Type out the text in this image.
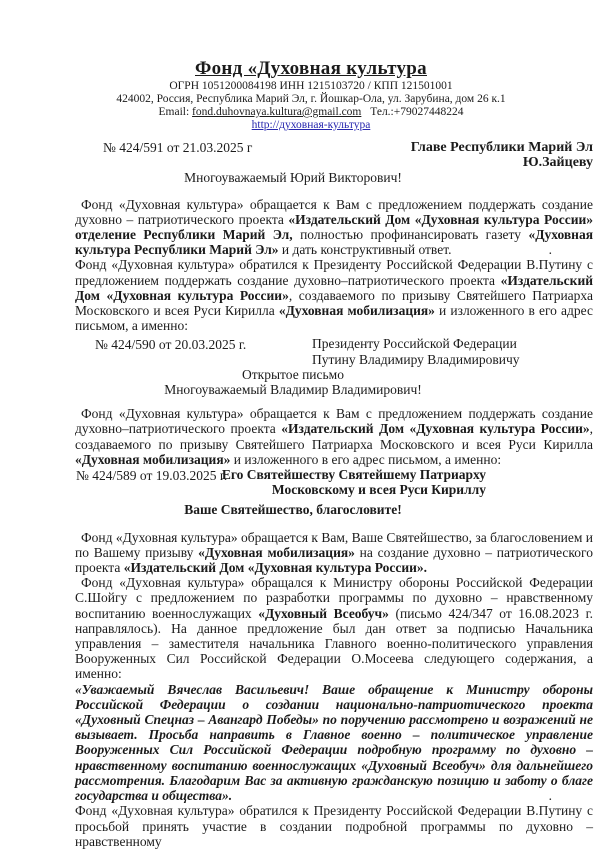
Фонд «Духовная культура
ОГРН 1051200084198 ИНН 1215103720 / КПП 121501001
424002, Россия, Республика Марий Эл, г. Йошкар-Ола, ул. Зарубина, дом 26 к.1
Email: fond.duhovnaya.kultura@gmail.com Тел.:+79027448224
http://духовная-культура
№ 424/591 от 21.03.2025 г	Главе Республики Марий Эл
Ю.Зайцеву
Многоуважаемый Юрий Викторович!

.
Фонд «Духовная культура» обращается к Вам с предложением поддержать создание духовно – патриотического проекта «Издательский Дом «Духовная культура России» отделение Республики Марий Эл, полностью профинансировать газету «Духовная культура Республики Марий Эл» и дать конструктивный ответ.

Фонд «Духовная культура» обратился к Президенту Российской Федерации В.Путину с предложением поддержать создание духовно–патриотического проекта «Издательский Дом «Духовная культура России», создаваемого по призыву Святейшего Патриарха Московского и всея Руси Кирилла «Духовная мобилизация» и изложенного в его адрес письмом, а именно:

№ 424/590 от 20.03.2025 г.	Президенту Российской Федерации
Путину Владимиру Владимировичу
Открытое письмо
Многоуважаемый Владимир Владимирович!

Фонд «Духовная культура» обращается к Вам с предложением поддержать создание духовно–патриотического проекта «Издательский Дом «Духовная культура России», создаваемого по призыву Святейшего Патриарха Московского и всея Руси Кирилла «Духовная мобилизация» и изложенного в его адрес письмом, а именно:

№ 424/589 от 19.03.2025 г.
Его Святейшеству Святейшему Патриарху
Московскому и всея Руси Кириллу
Ваше Святейшество, благословите!

Фонд «Духовная культура» обращается к Вам, Ваше Святейшество, за благословением и по Вашему призыву «Духовная мобилизация» на создание духовно – патриотического проекта «Издательский Дом «Духовная культура России».

Фонд «Духовная культура» обращался к Министру обороны Российской Федерации С.Шойгу с предложением по разработки программы по духовно – нравственному воспитанию военнослужащих «Духовный Всеобуч» (письмо 424/347 от 16.08.2023 г. направлялось). На данное предложение был дан ответ за подписью Начальника управления – заместителя начальника Главного военно-политического управления Вооруженных Сил Российской Федерации О.Мосеева следующего содержания, а именно:

.
«Уважаемый Вячеслав Васильевич! Ваше обращение к Министру обороны Российской Федерации о создании национально-патриотического проекта «Духовный Спецназ – Авангард Победы» по поручению рассмотрено и возражений не вызывает. Просьба направить в Главное военно – политическое управление Вооруженных Сил Российской Федерации подробную программу по духовно – нравственному воспитанию военнослужащих «Духовный Всеобуч» для дальнейшего рассмотрения. Благодарим Вас за активную гражданскую позицию и заботу о благе государства и общества».

Фонд «Духовная культура» обратился к Президенту Российской Федерации В.Путину с просьбой принять участие в создании подробной программы по духовно – нравственному
